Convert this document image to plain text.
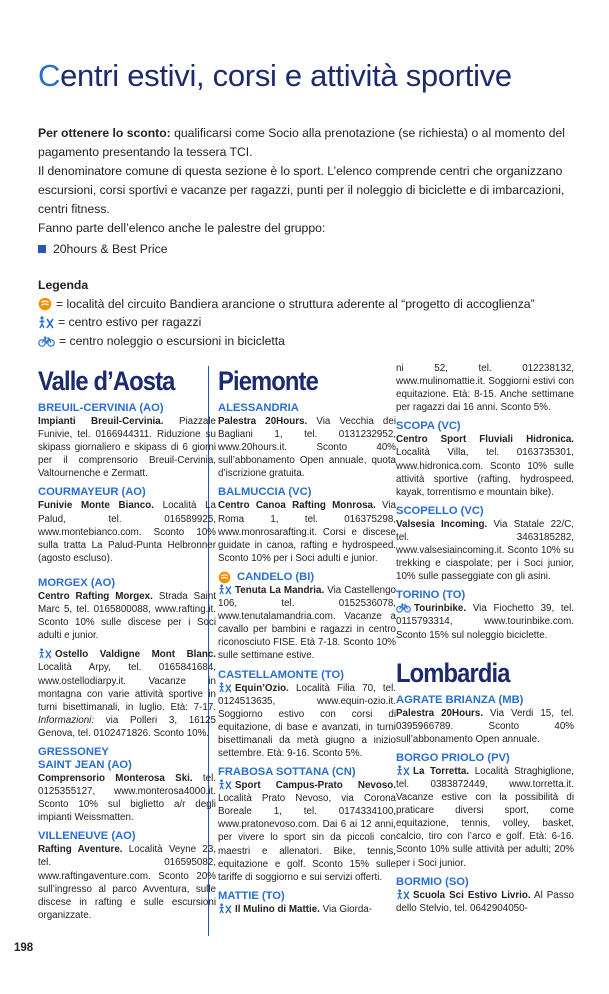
Centri estivi, corsi e attività sportive

Per ottenere lo sconto: qualificarsi come Socio alla prenotazione (se richiesta) o al momento del pagamento presentando la tessera TCI.

Il denominatore comune di questa sezione è lo sport. L’elenco comprende centri che organizzano escursioni, corsi sportivi e vacanze per ragazzi, punti per il noleggio di biciclette e di imbarcazioni, centri fitness.

Fanno parte dell’elenco anche le palestre del gruppo:

20hours & Best Price
Legenda
= località del circuito Bandiera arancione o struttura aderente al “progetto di accoglienza”
= centro estivo per ragazzi
= centro noleggio o escursioni in bicicletta
Valle d’Aosta
BREUIL-CERVINIA (AO)

Impianti Breuil-Cervinia. Piazzale Funivie, tel. 0166944311. Riduzione su skipass giornaliero e skipass di 6 giorni per il comprensorio Breuil-Cervinia, Valtournenche e Zermatt.

COURMAYEUR (AO)

Funivie Monte Bianco. Località La Palud, tel. 016589925, www.montebianco.com. Sconto 10% sulla tratta La Palud-Punta Helbronner (agosto escluso).

MORGEX (AO)

Centro Rafting Morgex. Strada Saint Marc 5, tel. 0165800088, www.rafting.it. Sconto 10% sulle discese per i Soci adulti e junior.

Ostello Valdigne Mont Blanc. Località Arpy, tel. 0165841684, www.ostellodiarpy.it. Vacanze in montagna con varie attività sportive in turni bisettimanali, in luglio. Età: 7-17. Informazioni: via Polleri 3, 16125 Genova, tel. 0102471826. Sconto 10%.

GRESSONEY
SAINT JEAN (AO)

Comprensorio Monterosa Ski. tel. 0125355127, www.monterosa4000.it. Sconto 10% sul biglietto a/r degli impianti Weissmatten.

VILLENEUVE (AO)

Rafting Aventure. Località Veyne 23, tel. 016595082, www.raftingaventure.com. Sconto 20% sull’ingresso al parco Avventura, sulle discese in rafting e sulle escursioni organizzate.

Piemonte
ALESSANDRIA

Palestra 20Hours. Via Vecchia dei Bagliani 1, tel. 0131232952, www.20hours.it. Sconto 40% sull’abbonamento Open annuale, quota d’iscrizione gratuita.

BALMUCCIA (VC)

Centro Canoa Rafting Monrosa. Via Roma 1, tel. 016375298, www.monrosarafting.it. Corsi e discese guidate in canoa, rafting e hydrospeed. Sconto 10% per i Soci adulti e junior.

CANDELO (BI)

Tenuta La Mandria. Via Castellengo 106, tel. 0152536078, www.tenutalamandria.com. Vacanze a cavallo per bambini e ragazzi in centro riconosciuto FISE. Età 7-18. Sconto 10% sulle settimane estive.

CASTELLAMONTE (TO)

Equin’Ozio. Località Filia 70, tel. 0124513635, www.equin-ozio.it. Soggiorno estivo con corsi di equitazione, di base e avanzati, in turni bisettimanali da metà giugno a inizio settembre. Età: 9-16. Sconto 5%.

FRABOSA SOTTANA (CN)

Sport Campus-Prato Nevoso. Località Prato Nevoso, via Corona Boreale 1, tel. 0174334100, www.pratonevoso.com. Dai 6 ai 12 anni, per vivere lo sport sin da piccoli con maestri e allenatori. Bike, tennis, equitazione e golf. Sconto 15% sulle tariffe di soggiorno e sui servizi offerti.

MATTIE (TO)

Il Mulino di Mattie. Via Giorda-

ni 52, tel. 012238132, www.mulinomattie.it. Soggiorni estivi con equitazione. Età: 8-15. Anche settimane per ragazzi dai 16 anni. Sconto 5%.

SCOPA (VC)

Centro Sport Fluviali Hidronica. Località Villa, tel. 0163735301, www.hidronica.com. Sconto 10% sulle attività sportive (rafting, hydrospeed, kayak, torrentismo e mountain bike).

SCOPELLO (VC)

Valsesia Incoming. Via Statale 22/C, tel. 3463185282, www.valsesiaincoming.it. Sconto 10% su trekking e ciaspolate; per i Soci junior, 10% sulle passeggiate con gli asini.

TORINO (TO)

Tourinbike. Via Fiochetto 39, tel. 0115793314, www.tourinbike.com. Sconto 15% sul noleggio biciclette.

Lombardia
AGRATE BRIANZA (MB)

Palestra 20Hours. Via Verdi 15, tel. 0395966789. Sconto 40% sull’abbonamento Open annuale.

BORGO PRIOLO (PV)

La Torretta. Località Straghiglione, tel. 0383872449, www.torretta.it. Vacanze estive con la possibilità di praticare diversi sport, come equitazione, tennis, volley, basket, calcio, tiro con l’arco e golf. Età: 6-16. Sconto 10% sulle attività per adulti; 20% per i Soci junior.

BORMIO (SO)

Scuola Sci Estivo Livrio. Al Passo dello Stelvio, tel. 0642904050-

198
